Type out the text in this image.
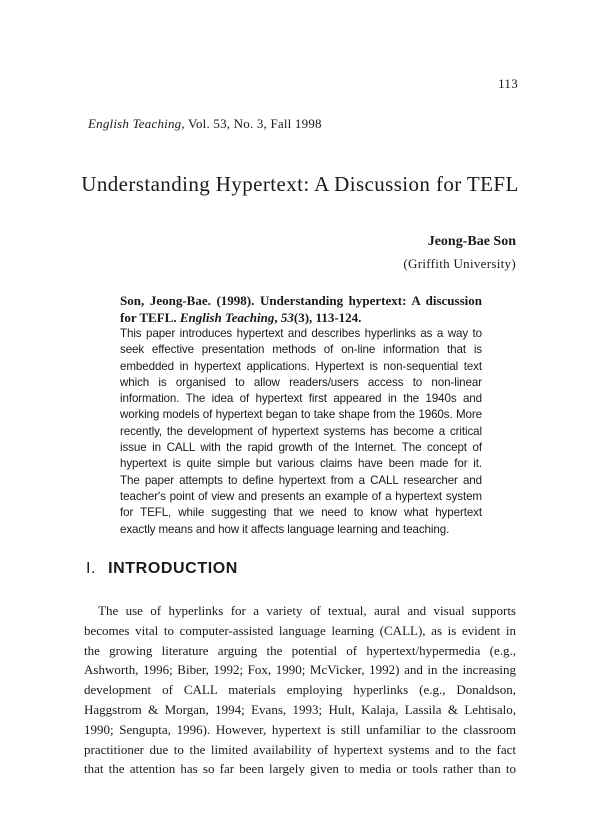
113
English Teaching, Vol. 53, No. 3, Fall 1998
Understanding Hypertext: A Discussion for TEFL
Jeong-Bae Son
(Griffith University)
Son, Jeong-Bae. (1998). Understanding hypertext: A discussion for TEFL. English Teaching, 53(3), 113-124.
This paper introduces hypertext and describes hyperlinks as a way to
seek effective presentation methods of on-line information that is
embedded in hypertext applications. Hypertext is non-sequential text
which is organised to allow readers/users access to non-linear
information. The idea of hypertext first appeared in the 1940s and
working models of hypertext began to take shape from the 1960s. More
recently, the development of hypertext systems has become a critical
issue in CALL with the rapid growth of the Internet. The concept of
hypertext is quite simple but various claims have been made for it.
The paper attempts to define hypertext from a CALL researcher and
teacher's point of view and presents an example of a hypertext system
for TEFL, while suggesting that we need to know what hypertext
exactly means and how it affects language learning and teaching.
I. INTRODUCTION
The use of hyperlinks for a variety of textual, aural and visual supports
becomes vital to computer-assisted language learning (CALL), as is evident in
the growing literature arguing the potential of hypertext/hypermedia (e.g.,
Ashworth, 1996; Biber, 1992; Fox, 1990; McVicker, 1992) and in the increasing
development of CALL materials employing hyperlinks (e.g., Donaldson,
Haggstrom & Morgan, 1994; Evans, 1993; Hult, Kalaja, Lassila & Lehtisalo,
1990; Sengupta, 1996). However, hypertext is still unfamiliar to the classroom
practitioner due to the limited availability of hypertext systems and to the fact
that the attention has so far been largely given to media or tools rather than to
